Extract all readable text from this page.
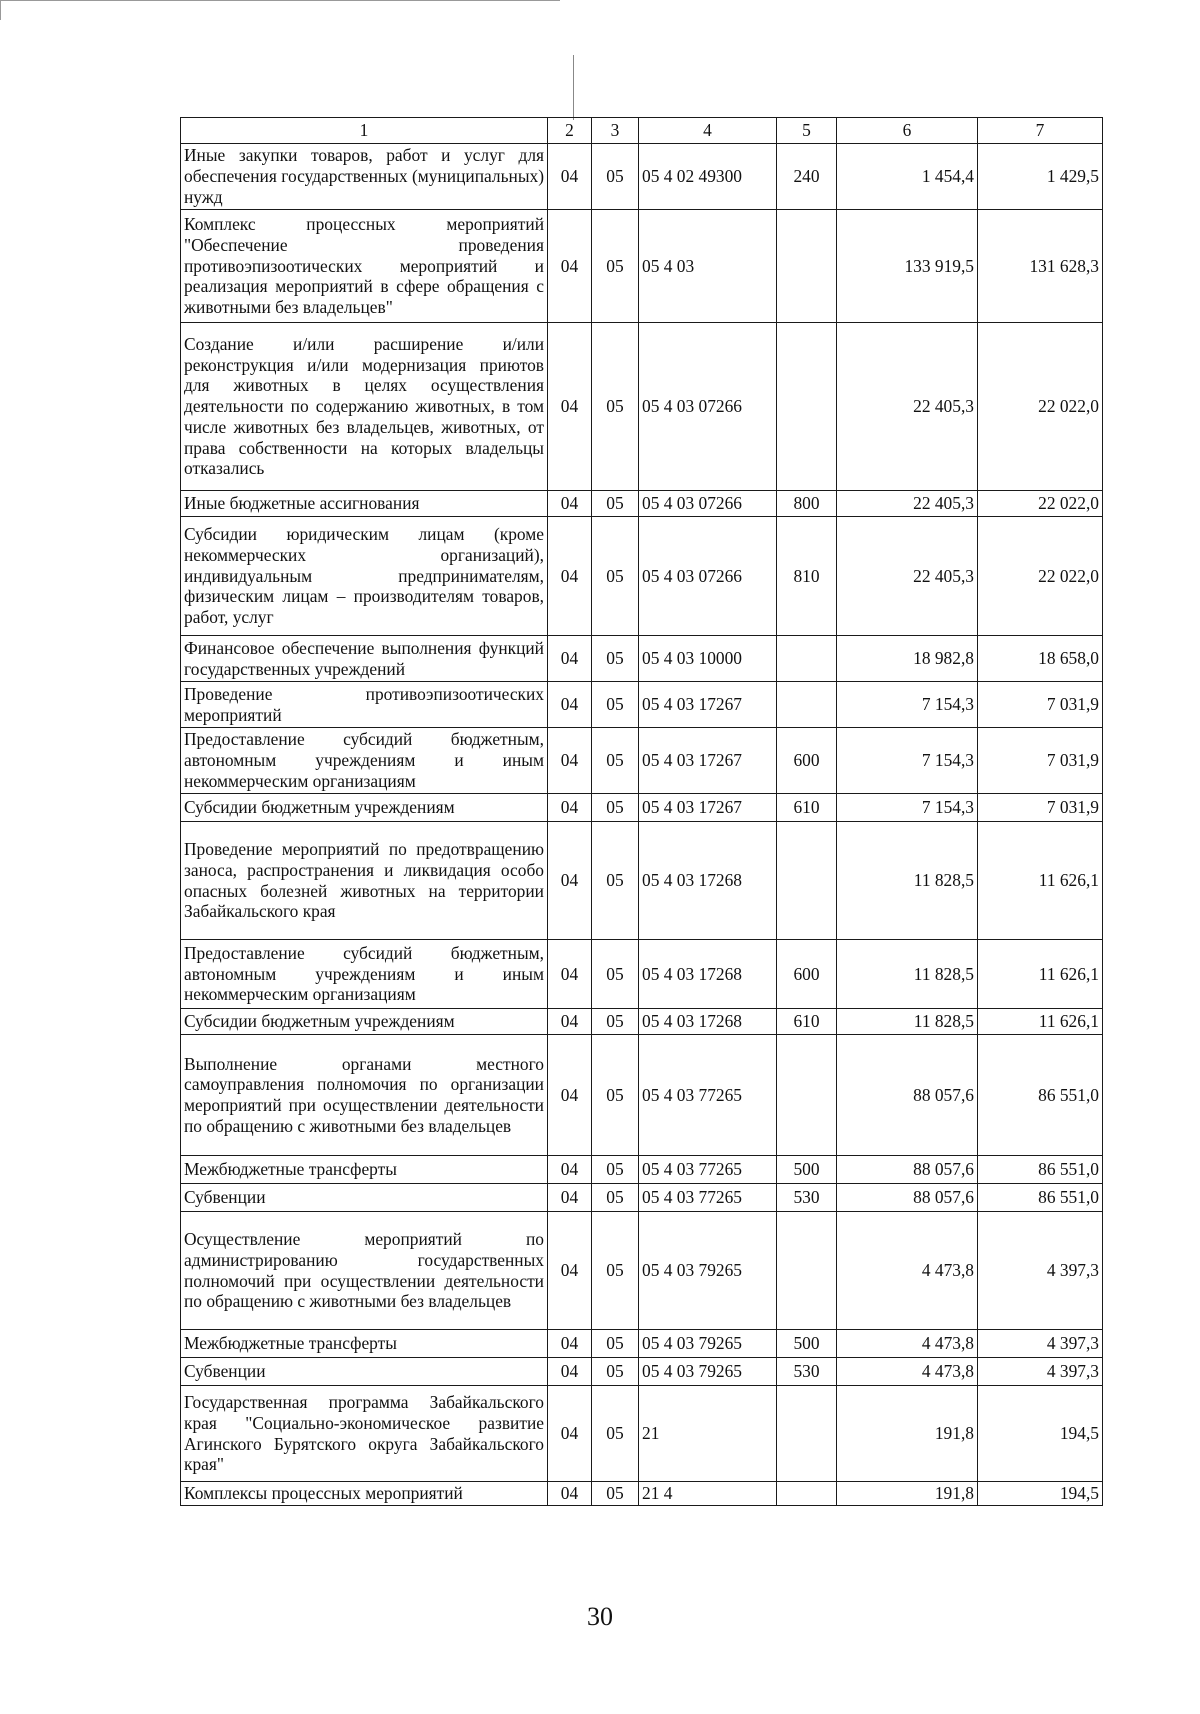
1	2	3	4	5	6	7
Иные закупки товаров, работ и услуг для обеспечения государственных (муниципальных) нужд	04	05	05 4 02 49300	240	1 454,4	1 429,5
Комплекс процессных мероприятий "Обеспечение проведения противоэпизоотических мероприятий и реализация мероприятий в сфере обращения с животными без владельцев"	04	05	05 4 03		133 919,5	131 628,3
Создание и/или расширение и/или реконструкция и/или модернизация приютов для животных в целях осуществления деятельности по содержанию животных, в том числе животных без владельцев, животных, от права собственности на которых владельцы отказались	04	05	05 4 03 07266		22 405,3	22 022,0
Иные бюджетные ассигнования	04	05	05 4 03 07266	800	22 405,3	22 022,0
Субсидии юридическим лицам (кроме некоммерческих организаций), индивидуальным предпринимателям, физическим лицам – производителям товаров, работ, услуг	04	05	05 4 03 07266	810	22 405,3	22 022,0
Финансовое обеспечение выполнения функций государственных учреждений	04	05	05 4 03 10000		18 982,8	18 658,0
Проведение противоэпизоотических мероприятий	04	05	05 4 03 17267		7 154,3	7 031,9
Предоставление субсидий бюджетным, автономным учреждениям и иным некоммерческим организациям	04	05	05 4 03 17267	600	7 154,3	7 031,9
Субсидии бюджетным учреждениям	04	05	05 4 03 17267	610	7 154,3	7 031,9
Проведение мероприятий по предотвращению заноса, распространения и ликвидация особо опасных болезней животных на территории Забайкальского края	04	05	05 4 03 17268		11 828,5	11 626,1
Предоставление субсидий бюджетным, автономным учреждениям и иным некоммерческим организациям	04	05	05 4 03 17268	600	11 828,5	11 626,1
Субсидии бюджетным учреждениям	04	05	05 4 03 17268	610	11 828,5	11 626,1
Выполнение органами местного самоуправления полномочия по организации мероприятий при осуществлении деятельности по обращению с животными без владельцев	04	05	05 4 03 77265		88 057,6	86 551,0
Межбюджетные трансферты	04	05	05 4 03 77265	500	88 057,6	86 551,0
Субвенции	04	05	05 4 03 77265	530	88 057,6	86 551,0
Осуществление мероприятий по администрированию государственных полномочий при осуществлении деятельности по обращению с животными без владельцев	04	05	05 4 03 79265		4 473,8	4 397,3
Межбюджетные трансферты	04	05	05 4 03 79265	500	4 473,8	4 397,3
Субвенции	04	05	05 4 03 79265	530	4 473,8	4 397,3
Государственная программа Забайкальского края "Социально-экономическое развитие Агинского Бурятского округа Забайкальского края"	04	05	21		191,8	194,5
Комплексы процессных мероприятий	04	05	21 4		191,8	194,5
30
